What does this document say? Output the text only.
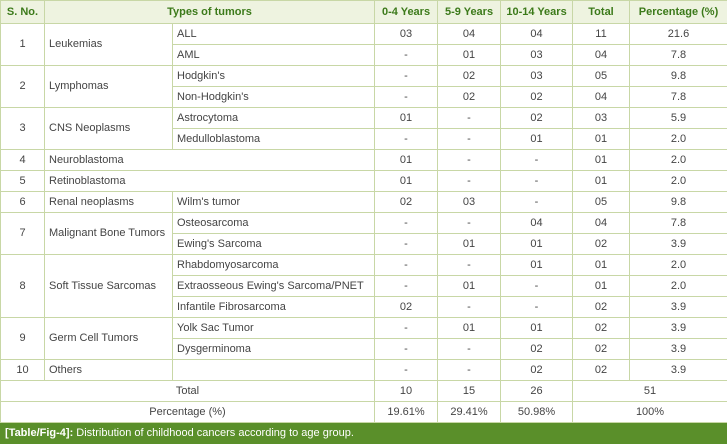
S. No.	Types of tumors		0-4 Years	5-9 Years	10-14 Years	Total	Percentage (%)
1	Leukemias	ALL	03	04	04	11	21.6
		AML	-	01	03	04	7.8
2	Lymphomas	Hodgkin's	-	02	03	05	9.8
		Non-Hodgkin's	-	02	02	04	7.8
3	CNS Neoplasms	Astrocytoma	01	-	02	03	5.9
		Medulloblastoma	-	-	01	01	2.0
4	Neuroblastoma		01	-	-	01	2.0
5	Retinoblastoma		01	-	-	01	2.0
6	Renal neoplasms	Wilm's tumor	02	03	-	05	9.8
7	Malignant Bone Tumors	Osteosarcoma	-	-	04	04	7.8
		Ewing's Sarcoma	-	01	01	02	3.9
8	Soft Tissue Sarcomas	Rhabdomyosarcoma	-	-	01	01	2.0
		Extraosseous Ewing's Sarcoma/PNET	-	01	-	01	2.0
		Infantile Fibrosarcoma	02	-	-	02	3.9
9	Germ Cell Tumors	Yolk Sac Tumor	-	01	01	02	3.9
		Dysgerminoma	-	-	02	02	3.9
10	Others		-	-	02	02	3.9
Total			10	15	26	51	
Percentage (%)			19.61%	29.41%	50.98%	100%	
[Table/Fig-4]: Distribution of childhood cancers according to age group.
